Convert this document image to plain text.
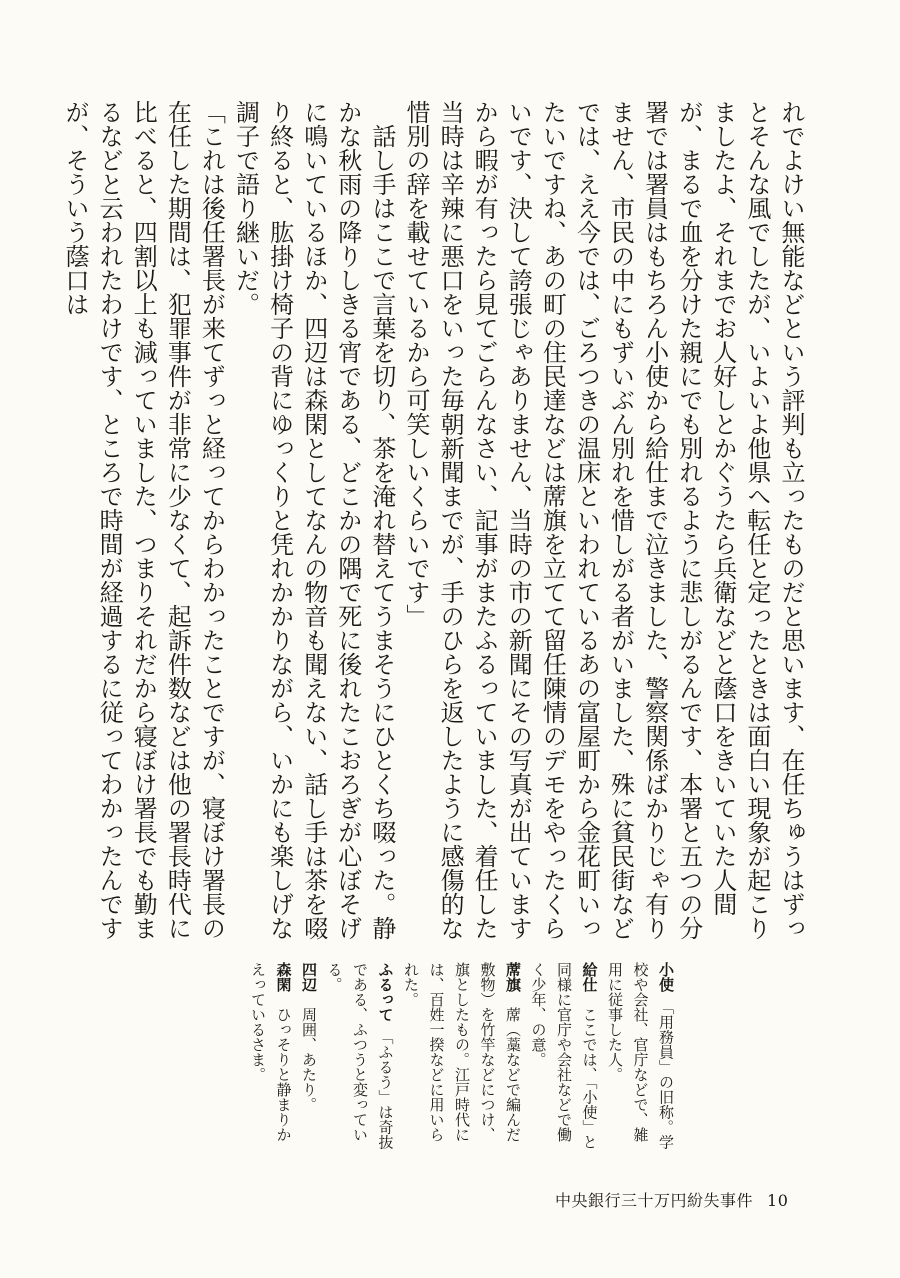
れでよけい無能などという評判も立ったものだと思います、在任ちゅうはずっとそんな風でしたが、いよいよ他県へ転任と定ったときは面白い現象が起こりましたよ、それまでお人好しとかぐうたら兵衛などと蔭口をきいていた人間が、まるで血を分けた親にでも別れるように悲しがるんです、本署と五つの分署では署員はもちろん小使から給仕まで泣きました、警察関係ばかりじゃ有りません、市民の中にもずいぶん別れを惜しがる者がいました、殊に貧民街などでは、ええ今では、ごろつきの温床といわれているあの富屋町から金花町いったいですね、あの町の住民達などは蓆旗を立てて留任陳情のデモをやったくらいです、決して誇張じゃありません、当時の市の新聞にその写真が出ていますから暇が有ったら見てごらんなさい、記事がまたふるっていました、着任した当時は辛辣に悪口をいった毎朝新聞までが、手のひらを返したように感傷的な惜別の辞を載せているから可笑しいくらいです」

　話し手はここで言葉を切り、茶を淹れ替えてうまそうにひとくち啜った。静かな秋雨の降りしきる宵である、どこかの隅で死に後れたこおろぎが心ぼそげに鳴いているほか、四辺は森閑としてなんの物音も聞えない、話し手は茶を啜り終ると、肱掛け椅子の背にゆっくりと凭れかかりながら、いかにも楽しげな調子で語り継いだ。

「これは後任署長が来てずっと経ってからわかったことですが、寝ぼけ署長の在任した期間は、犯罪事件が非常に少なくて、起訴件数などは他の署長時代に比べると、四割以上も減っていました、つまりそれだから寝ぼけ署長でも勤まるなどと云われたわけです、ところで時間が経過するに従ってわかったんですが、そういう蔭口は

小使　「用務員」の旧称。学校や会社、官庁などで、雑用に従事した人。

給仕　ここでは、「小使」と同様に官庁や会社などで働く少年、の意。

蓆旗　蓆（藁などで編んだ敷物）を竹竿などにつけ、旗としたもの。江戸時代には、百姓一揆などに用いられた。

ふるって　「ふるう」は奇抜である、ふつうと変っている。

四辺　周囲、あたり。

森閑　ひっそりと静まりかえっているさま。

中央銀行三十万円紛失事件 10
